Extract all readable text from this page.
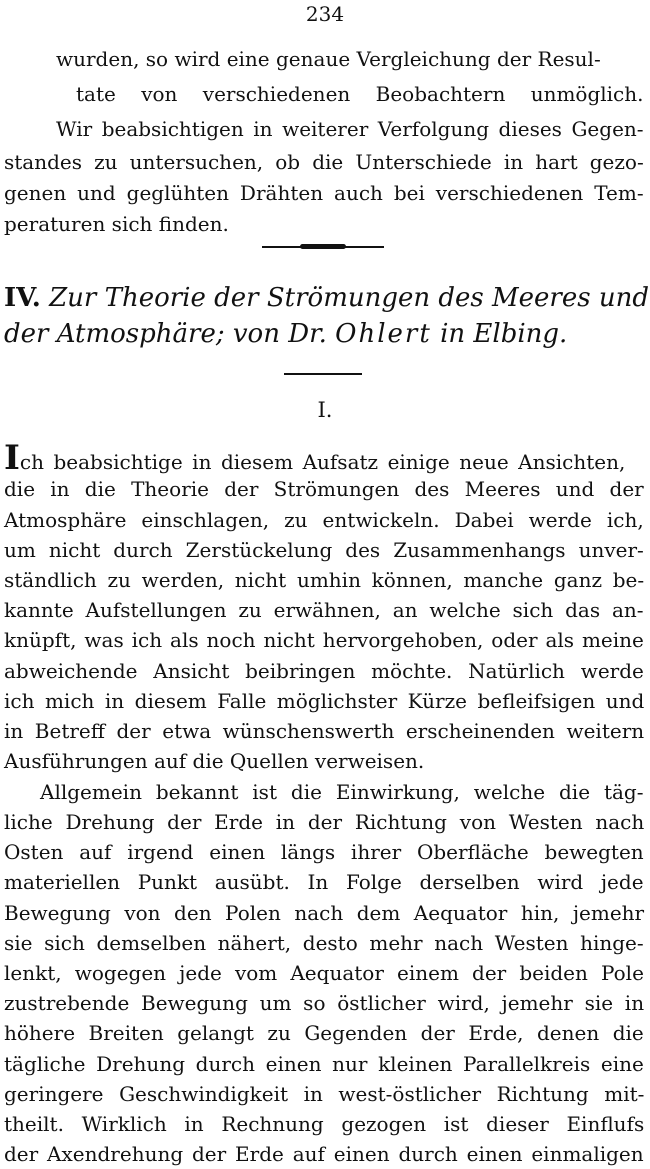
234
wurden, so wird eine genaue Vergleichung der Resul-
tate von verschiedenen Beobachtern unmöglich.
Wir beabsichtigen in weiterer Verfolgung dieses Gegen-
standes zu untersuchen, ob die Unterschiede in hart gezo-
genen und geglühten Drähten auch bei verschiedenen Tem-
peraturen sich finden.
IV. Zur Theorie der Strömungen des Meeres und
der Atmosphäre; von Dr. Ohlert in Elbing.
I.
Ich beabsichtige in diesem Aufsatz einige neue Ansichten,
die in die Theorie der Strömungen des Meeres und der
Atmosphäre einschlagen, zu entwickeln. Dabei werde ich,
um nicht durch Zerstückelung des Zusammenhangs unver-
ständlich zu werden, nicht umhin können, manche ganz be-
kannte Aufstellungen zu erwähnen, an welche sich das an-
knüpft, was ich als noch nicht hervorgehoben, oder als meine
abweichende Ansicht beibringen möchte. Natürlich werde
ich mich in diesem Falle möglichster Kürze befleifsigen und
in Betreff der etwa wünschenswerth erscheinenden weitern
Ausführungen auf die Quellen verweisen.
Allgemein bekannt ist die Einwirkung, welche die täg-
liche Drehung der Erde in der Richtung von Westen nach
Osten auf irgend einen längs ihrer Oberfläche bewegten
materiellen Punkt ausübt. In Folge derselben wird jede
Bewegung von den Polen nach dem Aequator hin, jemehr
sie sich demselben nähert, desto mehr nach Westen hinge-
lenkt, wogegen jede vom Aequator einem der beiden Pole
zustrebende Bewegung um so östlicher wird, jemehr sie in
höhere Breiten gelangt zu Gegenden der Erde, denen die
tägliche Drehung durch einen nur kleinen Parallelkreis eine
geringere Geschwindigkeit in west-östlicher Richtung mit-
theilt. Wirklich in Rechnung gezogen ist dieser Einflufs
der Axendrehung der Erde auf einen durch einen einmaligen
